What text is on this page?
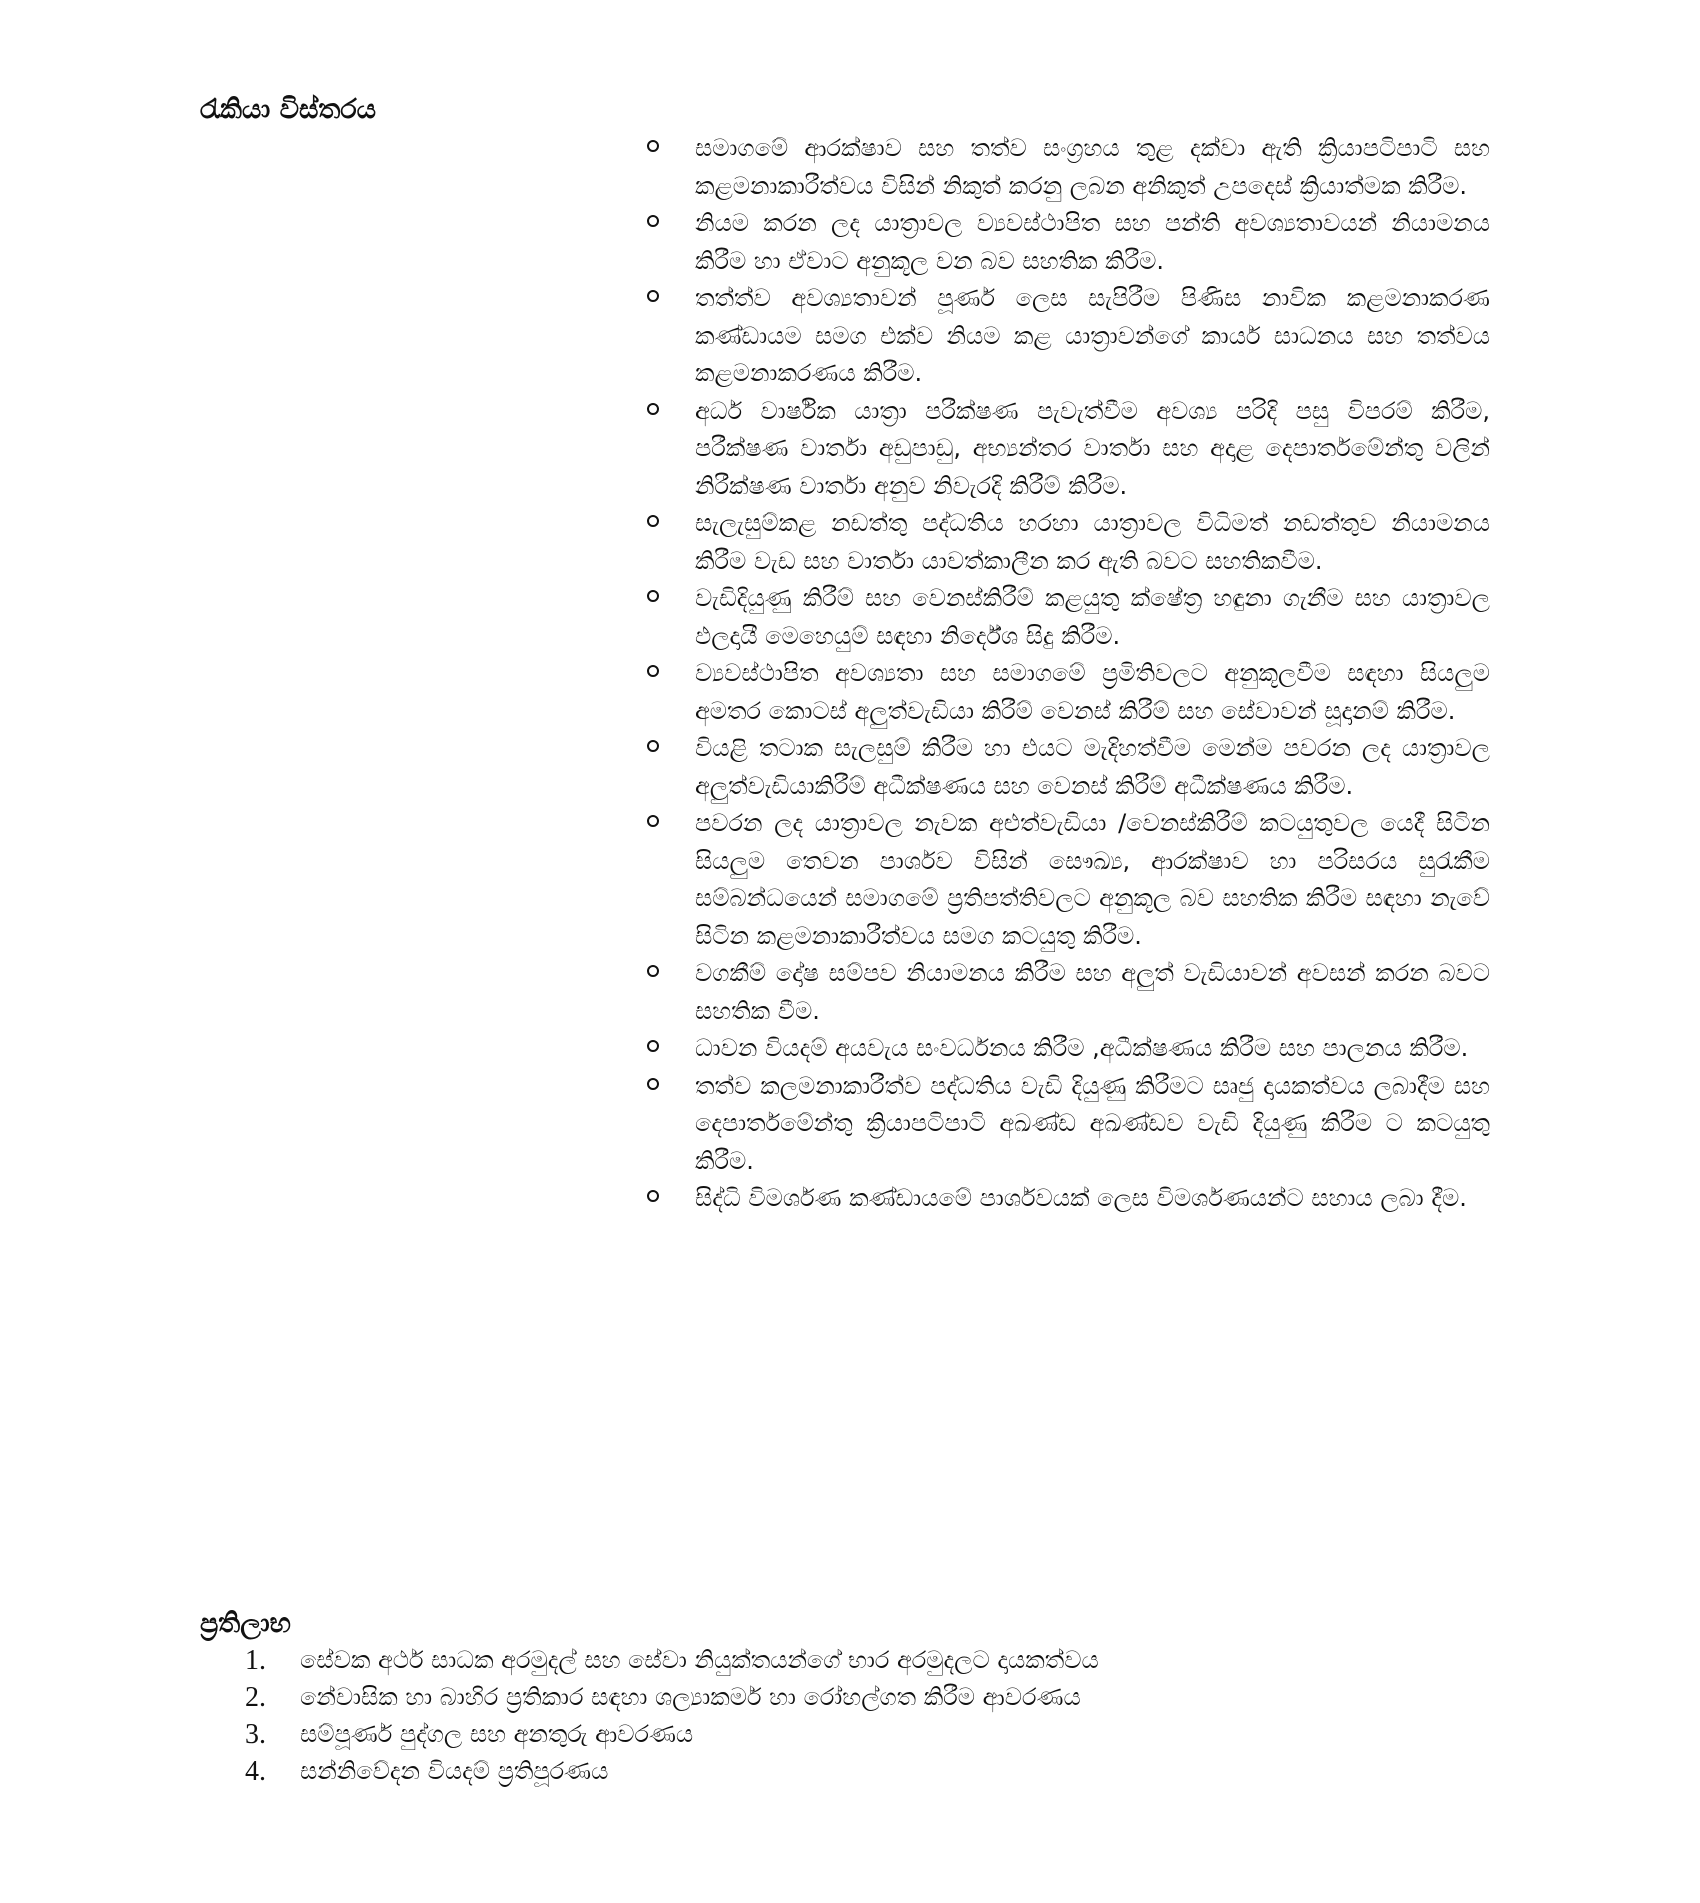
රැකියා විස්තරය
සමාගමේ ආරක්ෂාව සහ තත්ව සංග්‍රහය තුළ දක්වා ඇති ක්‍රියාපටිපාටි සහ කළමනාකාරීත්වය විසින් නිකුත් කරනු ලබන අනිකුත් උපදෙස් ක්‍රියාත්මක කිරීම.
නියම කරන ලද යාත්‍රාවල ව්‍යවස්ථාපිත සහ පන්ති අවශ්‍යතාවයන් නියාමනය කිරීම හා ඒවාට අනුකූල වන බව සහතික කිරීම.
තත්ත්ව අවශ්‍යතාවන් පූර්ණ ලෙස සැපිරීම පිණිස නාවික කළමනාකරණ කණ්ඩායම සමග එක්ව නියම කළ යාත්‍රාවන්ගේ කාර්ය සාධනය සහ තත්වය කළමනාකරණය කිරීම.
අර්ධ වාර්ෂික යාත්‍රා පරීක්ෂණ පැවැත්වීම අවශ්‍ය පරිදි පසු විපරම් කිරීම, පරීක්ෂණ වාර්තා අඩුපාඩු, අභ්‍යන්තර වාර්තා සහ අදාළ දෙපාර්තමේන්තු වලින් නිරීක්ෂණ වාර්තා අනුව නිවැරදි කිරීම් කිරීම.
සැලැසුම්කළ නඩත්තු පද්ධතිය හරහා යාත්‍රාවල විධිමත් නඩත්තුව නියාමනය කිරීම වැඩ සහ වාර්තා යාවත්කාලීන කර ඇති බවට සහතිකවීම.
වැඩිදියුණු කිරීම් සහ වෙනස්කිරීම් කළයුතු ක්ෂේත්‍ර හඳුනා ගැනීම සහ යාත්‍රාවල ඵලදායී මෙහෙයුම් සඳහා නිර්දේශ සිදු කිරීම.
ව්‍යවස්ථාපිත අවශ්‍යතා සහ සමාගමේ ප්‍රමිතිවලට අනුකූලවීම සඳහා සියලුම අමතර කොටස් අලුත්වැඩියා කිරීම් වෙනස් කිරීම් සහ සේවාවන් සූදානම් කිරීම.
වියළි තටාක සැලසුම් කිරීම හා එයට මැදිහත්වීම මෙන්ම පවරන ලද යාත්‍රාවල අලුත්වැඩියාකිරීම් අධීක්ෂණය සහ වෙනස් කිරීම් අධීක්ෂණය කිරීම.
පවරන ලද යාත්‍රාවල නැවක අළුත්වැඩියා /වෙනස්කිරීම් කටයුතුවල යෙදී සිටින සියලුම තෙවන පාර්ශව විසින් සෞඛ්‍ය, ආරක්ෂාව හා පරිසරය සුරැකීම සම්බන්ධයෙන් සමාගමේ ප්‍රතිපත්තිවලට අනුකූල බව සහතික කිරීම සඳහා නැවේ සිටින කළමනාකාරීත්වය සමග කටයුතු කිරීම.
වගකීම් දෝෂ සම්පව නියාමනය කිරීම සහ අලුත් වැඩියාවන් අවසන් කරන බවට සහතික වීම.
ධාවන වියදම් අයවැය සංවර්ධනය කිරීම ,අධීක්ෂණය කිරීම සහ පාලනය කිරීම.
තත්ව කලමනාකාරීත්ව පද්ධතිය වැඩි දියුණු කිරීමට සෘජු දායකත්වය ලබාදීම සහ දෙපාර්තමේන්තු ක්‍රියාපටිපාටි අඛණ්ඩ අඛණ්ඩව වැඩි දියුණු කිරීම ට කටයුතු කිරීම.
සිද්ධි විමර්ශණ කණ්ඩායමේ පාර්ශවයක් ලෙස විමර්ශණයන්ට සහාය ලබා දීම.
ප්‍රතිලාභ
1. සේවක අර්ථ සාධක අරමුදල් සහ සේවා නියුක්තයන්ගේ භාර අරමුදලට දායකත්වය
2. නේවාසික හා බාහිර ප්‍රතිකාර සඳහා ශල්‍යාකර්ම හා රෝහල්ගත කිරීම ආවරණය
3. සම්පූර්ණ පුද්ගල සහ අනතුරු ආවරණය
4. සන්නිවේදන වියදම් ප්‍රතිපූරණය
